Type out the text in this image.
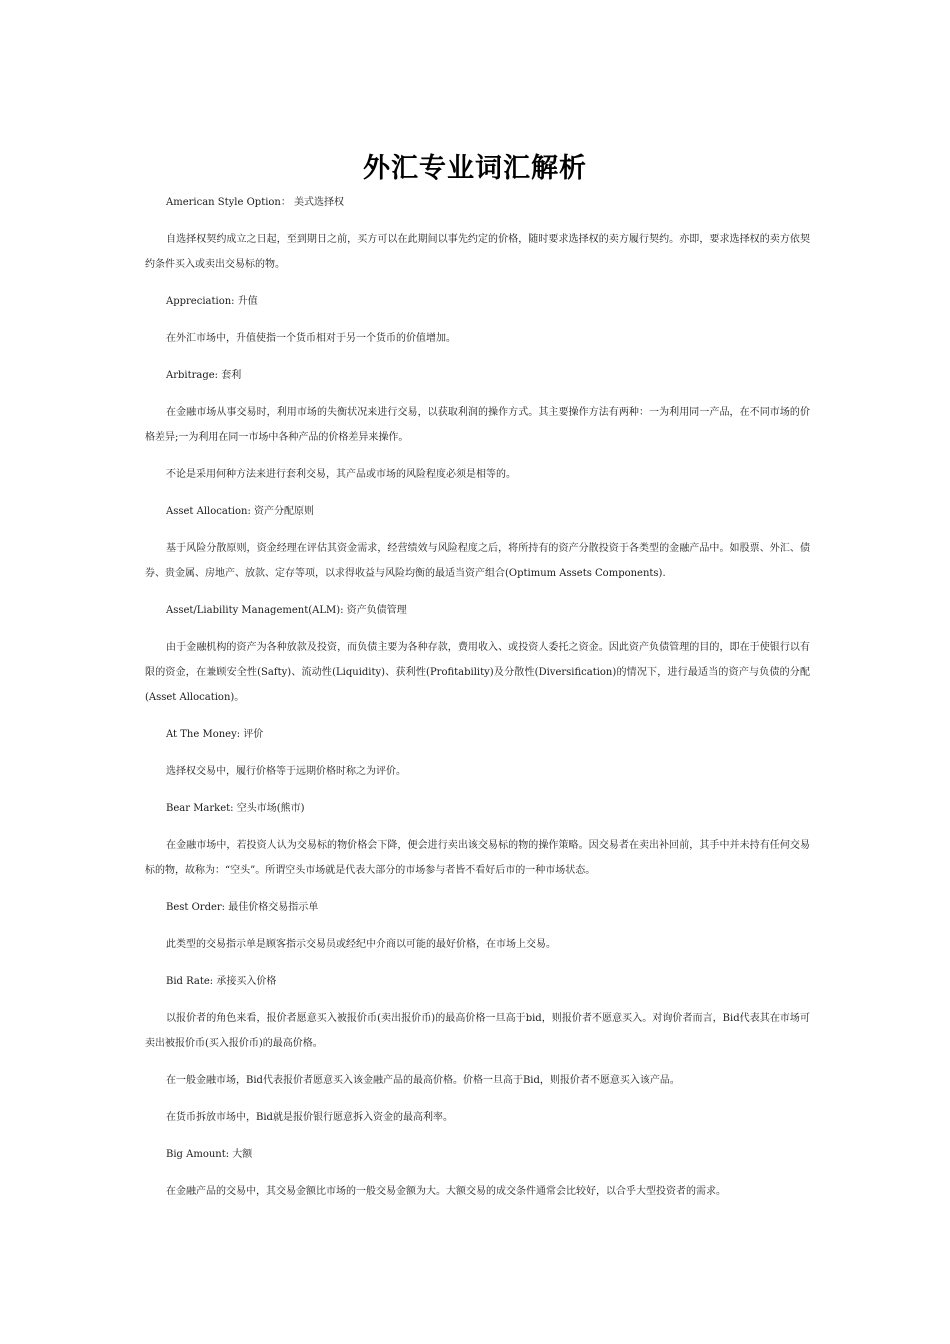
外汇专业词汇解析

American Style Option： 美式选择权

自选择权契约成立之日起，至到期日之前，买方可以在此期间以事先约定的价格，随时要求选择权的卖方履行契约。亦即，要求选择权的卖方依契约条件买入或卖出交易标的物。

Appreciation: 升值

在外汇市场中，升值使指一个货币相对于另一个货币的价值增加。

Arbitrage: 套利

在金融市场从事交易时，利用市场的失衡状况来进行交易，以获取利润的操作方式。其主要操作方法有两种：一为利用同一产品，在不同市场的价格差异;一为利用在同一市场中各种产品的价格差异来操作。

不论是采用何种方法来进行套利交易，其产品或市场的风险程度必须是相等的。

Asset Allocation: 资产分配原则

基于风险分散原则，资金经理在评估其资金需求，经营绩效与风险程度之后，将所持有的资产分散投资于各类型的金融产品中。如股票、外汇、债券、贵金属、房地产、放款、定存等项，以求得收益与风险均衡的最适当资产组合(Optimum Assets Components).

Asset/Liability Management(ALM): 资产负债管理

由于金融机构的资产为各种放款及投资，而负债主要为各种存款，费用收入、或投资人委托之资金。因此资产负债管理的目的，即在于使银行以有限的资金，在兼顾安全性(Safty)、流动性(Liquidity)、获利性(Profitability)及分散性(Diversification)的情况下，进行最适当的资产与负债的分配(Asset Allocation)。

At The Money: 评价

选择权交易中，履行价格等于远期价格时称之为评价。

Bear Market: 空头市场(熊市)

在金融市场中，若投资人认为交易标的物价格会下降，便会进行卖出该交易标的物的操作策略。因交易者在卖出补回前，其手中并未持有任何交易标的物，故称为：“空头”。所谓空头市场就是代表大部分的市场参与者皆不看好后市的一种市场状态。

Best Order: 最佳价格交易指示单

此类型的交易指示单是顾客指示交易员或经纪中介商以可能的最好价格，在市场上交易。

Bid Rate: 承接买入价格

以报价者的角色来看，报价者愿意买入被报价币(卖出报价币)的最高价格一旦高于bid，则报价者不愿意买入。对询价者而言，Bid代表其在市场可卖出被报价币(买入报价币)的最高价格。

在一般金融市场，Bid代表报价者愿意买入该金融产品的最高价格。价格一旦高于Bid，则报价者不愿意买入该产品。

在货币拆放市场中，Bid就是报价银行愿意拆入资金的最高利率。

Big Amount: 大额

在金融产品的交易中，其交易金额比市场的一般交易金额为大。大额交易的成交条件通常会比较好，以合乎大型投资者的需求。
